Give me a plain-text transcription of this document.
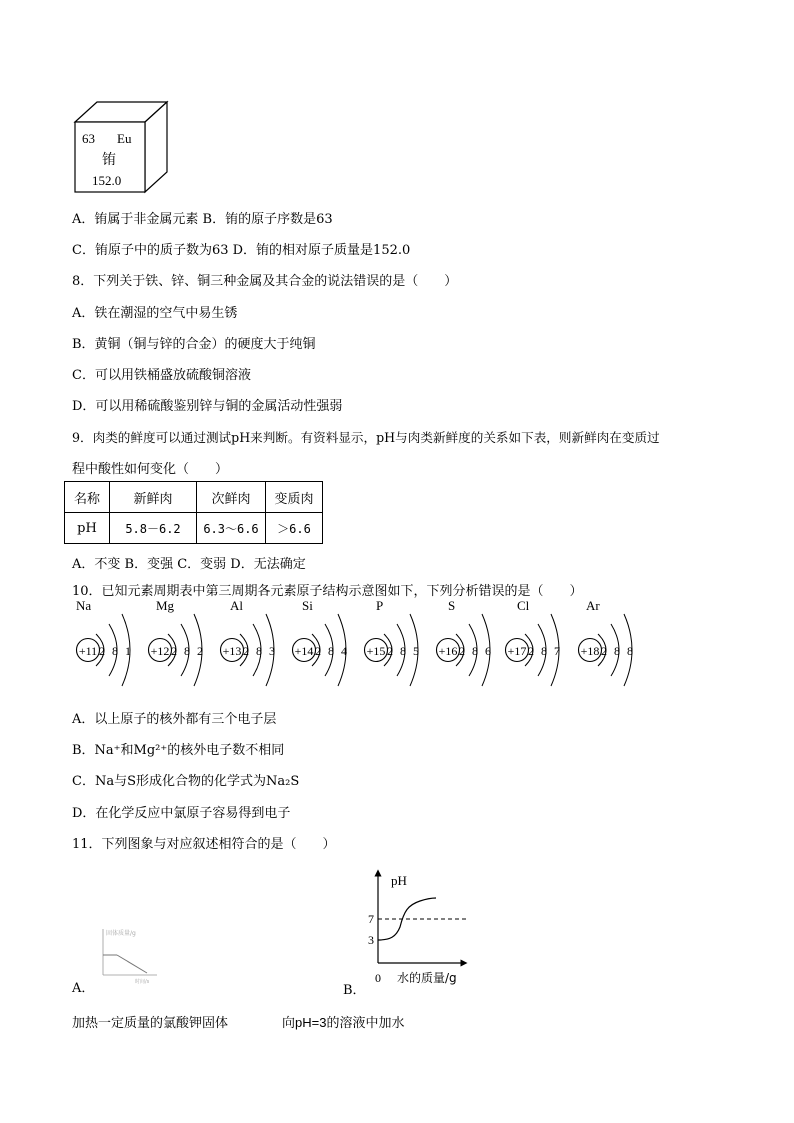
63 Eu
铕
152.0
A．铕属于非金属元素 B．铕的原子序数是63
C．铕原子中的质子数为63 D．铕的相对原子质量是152.0
8．下列关于铁、锌、铜三种金属及其合金的说法错误的是（　　）
A．铁在潮湿的空气中易生锈
B．黄铜（铜与锌的合金）的硬度大于纯铜
C．可以用铁桶盛放硫酸铜溶液
D．可以用稀硫酸鉴别锌与铜的金属活动性强弱
9．肉类的鲜度可以通过测试pH来判断。有资料显示，pH与肉类新鲜度的关系如下表，则新鲜肉在变质过
程中酸性如何变化（　　）
名称	新鲜肉	次鲜肉	变质肉
pH	5.8－6.2	6.3～6.6	＞6.6
A．不变 B．变强 C．变弱 D．无法确定
10．已知元素周期表中第三周期各元素原子结构示意图如下，下列分析错误的是（　　）
Na
+11 2 8 1
Mg
+12 2 8 2
Al
+13 2 8 3
Si
+14 2 8 4
P
+15 2 8 5
S
+16 2 8 6
Cl
+17 2 8 7
Ar
+18 2 8 8
A．以上原子的核外都有三个电子层
B．Na⁺和Mg²⁺的核外电子数不相同
C．Na与S形成化合物的化学式为Na₂S
D．在化学反应中氯原子容易得到电子
11．下列图象与对应叙述相符合的是（　　）
A．
固体质量/g
时间/s
B．
pH
7
3
0 水的质量/g
加热一定质量的氯酸钾固体	向pH=3的溶液中加水
